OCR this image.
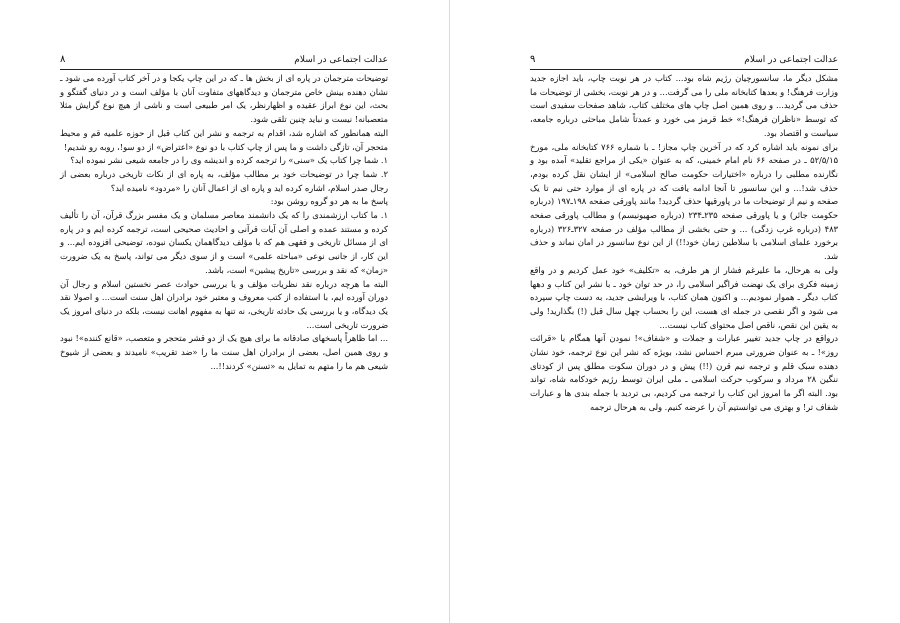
عدالت اجتماعی در اسلام
۸

توضیحات مترجمان در پاره ای از بخش ها ـ که در این چاپ یکجا و در آخر کتاب آورده می شود ـ نشان دهنده بینش خاص مترجمان و دیدگاههای متفاوت آنان با مؤلف است و در دنیای گفتگو و بحث، این نوع ابراز عقیده و اظهارنظر، یک امر طبیعی است و ناشی از هیچ نوع گرایش مثلا متعصبانه! نیست و نباید چنین تلقی شود.

البته همانطور که اشاره شد، اقدام به ترجمه و نشر این کتاب قبل از حوزه علمیه قم و محیط متحجر آن، تازگی داشت و ما پس از چاپ کتاب با دو نوع «اعتراض» از دو سو!، روبه رو شدیم!

۱. شما چرا کتاب یک «سنی» را ترجمه کرده و اندیشه وی را در جامعه شیعی نشر نموده اید؟

۲. شما چرا در توضیحات خود بر مطالب مؤلف، به پاره ای از نکات تاریخی درباره بعضی از رجال صدر اسلام، اشاره کرده اید و پاره ای از اعمال آنان را «مردود» نامیده اید؟

پاسخ ما به هر دو گروه روشن بود:

۱. ما کتاب ارزشمندی را که یک دانشمند معاصر مسلمان و یک مفسر بزرگ قرآن، آن را تألیف کرده و مستند عمده و اصلی آن آیات قرآنی و احادیث صحیحی است، ترجمه کرده ایم و در پاره ای از مسائل تاریخی و فقهی هم که با مؤلف دیدگاهمان یکسان نبوده، توضیحی افزوده ایم... و این کار، از جانبی نوعی «مباحثه علمی» است و از سوی دیگر می تواند، پاسخ به یک ضرورت «زمان» که نقد و بررسی «تاریخ پیشین» است، باشد.

البته ما هرچه درباره نقد نظریات مؤلف و یا بررسی حوادث عصر نخستین اسلام و رجال آن دوران آورده ایم، با استفاده از کتب معروف و معتبر خود برادران اهل سنت است... و اصولا نقد یک دیدگاه، و یا بررسی یک حادثه تاریخی، نه تنها به مفهوم اهانت نیست، بلکه در دنیای امروز یک ضرورت تاریخی است...

... اما ظاهراً پاسخهای صادقانه ما برای هیچ یک از دو قشر متحجر و متعصب، «قانع کننده»! نبود و روی همین اصل، بعضی از برادران اهل سنت ما را «ضد تقریب» نامیدند و بعضی از شیوخ شیعی هم ما را متهم به تمایل به «تسنن» کردند!!...

عدالت اجتماعی در اسلام
۹

مشکل دیگر ما، سانسورچیان رژیم شاه بود... کتاب در هر نوبت چاپ، باید اجازه جدید وزارت فرهنگ! و بعدها کتابخانه ملی را می گرفت... و در هر نوبت، بخشی از توضیحات ما حذف می گردید... و روی همین اصل چاپ های مختلف کتاب، شاهد صفحات سفیدی است که توسط «ناظران فرهنگ!» خط قرمز می خورد و عمدتاً شامل مباحثی درباره جامعه، سیاست و اقتصاد بود.

برای نمونه باید اشاره کرد که در آخرین چاپ مجاز! ـ با شماره ۷۶۶ کتابخانه ملی، مورخ ۵۲/۵/۱۵ ـ در صفحه ۶۶ نام امام خمینی، که به عنوان «یکی از مراجع تقلید» آمده بود و نگارنده مطلبی را درباره «اختیارات حکومت صالح اسلامی» از ایشان نقل کرده بودم، حذف شد!... و این سانسور تا آنجا ادامه یافت که در پاره ای از موارد حتی نیم تا یک صفحه و نیم از توضیحات ما در پاورقیها حذف گردید! مانند پاورقی صفحه ۱۹۸ـ۱۹۷ (درباره حکومت جائر) و یا پاورقی صفحه ۲۳۵ـ۲۳۴ (درباره صهیونیسم) و مطالب پاورقی صفحه ۴۸۳ (درباره غرب زدگی) ... و حتی بخشی از مطالب مؤلف در صفحه ۳۲۷ـ۳۲۶ (درباره برخورد علمای اسلامی با سلاطین زمان خود!!) از این نوع سانسور در امان نماند و حذف شد.

ولی به هرحال، ما علیرغم فشار از هر طرف، به «تکلیف» خود عمل کردیم و در واقع زمینه فکری برای یک نهضت فراگیر اسلامی را، در حد توان خود ـ با نشر این کتاب و دهها کتاب دیگر ـ هموار نمودیم... و اکنون همان کتاب، با ویرایشی جدید، به دست چاپ سپرده می شود و اگر نقصی در جمله ای هست، این را بحساب چهل سال قبل (!) بگذارید! ولی به یقین این نقص، ناقص اصل محتوای کتاب نیست...

درواقع در چاپ جدید تغییر عبارات و جملات و «شفاف»! نمودن آنها همگام با «قرائت روز»! ـ به عنوان ضرورتی مبرم احساس نشد، بویژه که نشر این نوع ترجمه، خود نشان دهنده سبک قلم و ترجمه نیم قرن (!!) پیش و در دوران سکوت مطلق پس از کودتای ننگین ۲۸ مرداد و سرکوب حرکت اسلامی ـ ملی ایران توسط رژیم خودکامه شاه، تواند بود. البته اگر ما امروز این کتاب را ترجمه می کردیم، بی تردید با جمله بندی ها و عبارات شفاف تر! و بهتری می توانستیم آن را عرضه کنیم. ولی به هرحال ترجمه
